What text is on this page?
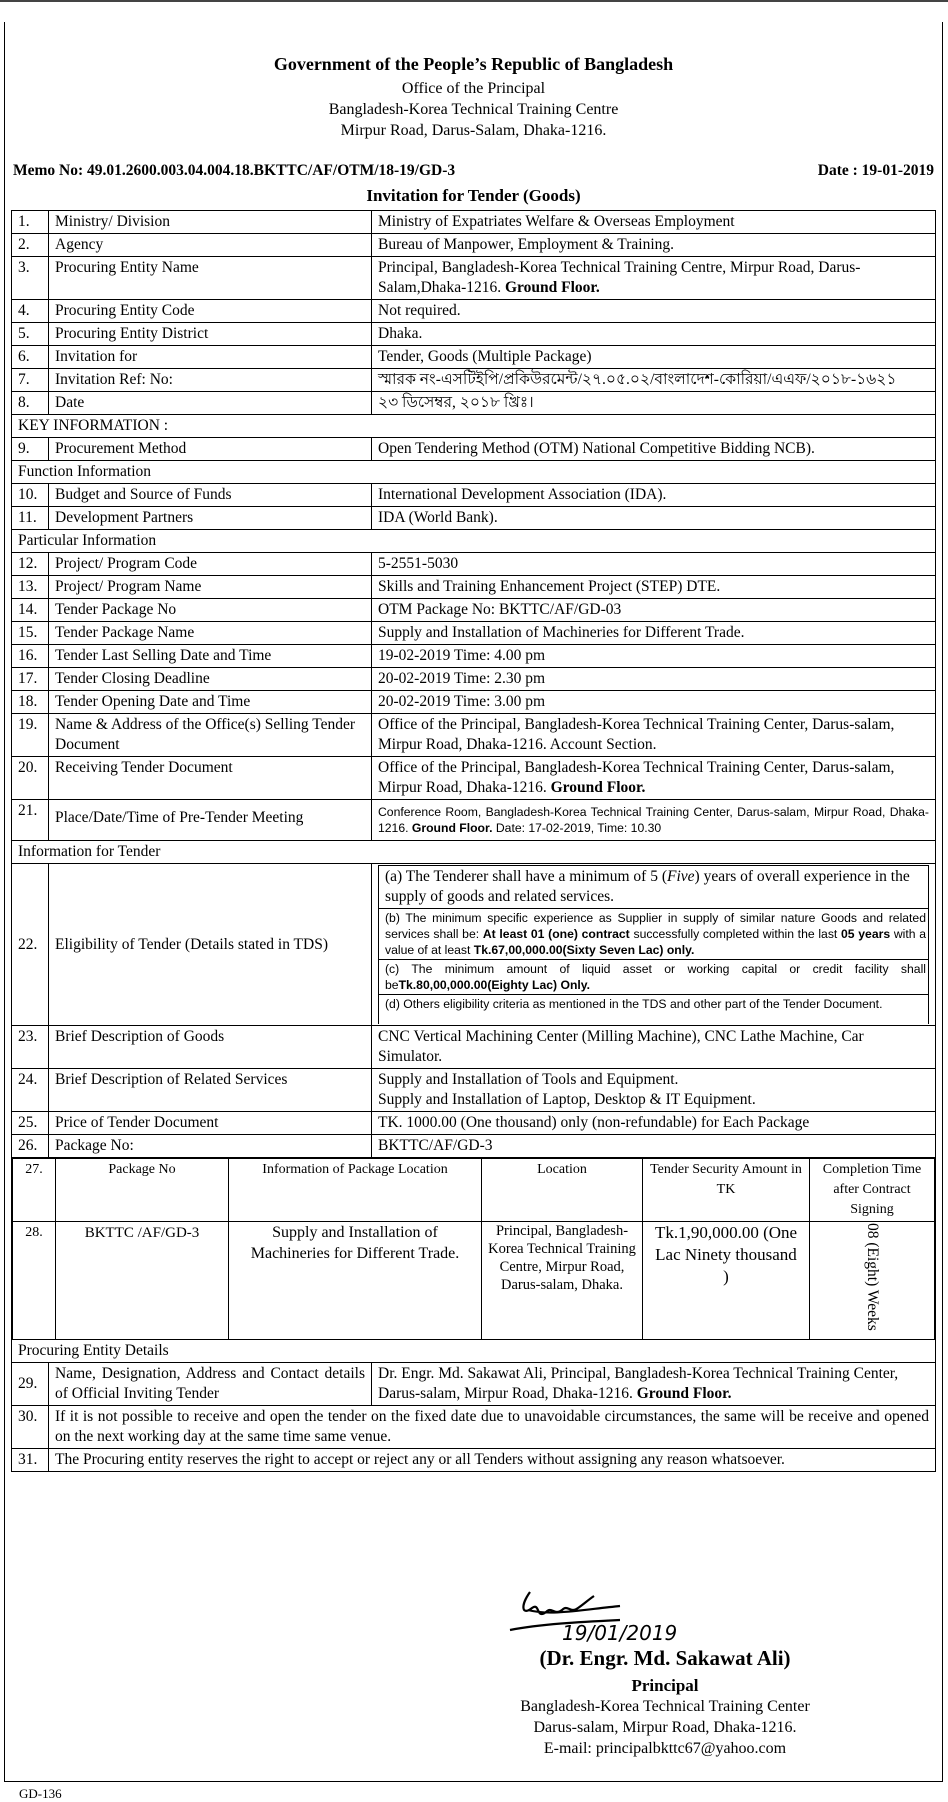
Government of the People’s Republic of Bangladesh
Office of the Principal
Bangladesh-Korea Technical Training Centre
Mirpur Road, Darus-Salam, Dhaka-1216.
Memo No: 49.01.2600.003.04.004.18.BKTTC/AF/OTM/18-19/GD-3	Date : 19-01-2019
Invitation for Tender (Goods)
1.	Ministry/ Division	Ministry of Expatriates Welfare & Overseas Employment
2.	Agency	Bureau of Manpower, Employment & Training.
3.	Procuring Entity Name	Principal, Bangladesh-Korea Technical Training Centre, Mirpur Road, Darus-Salam,Dhaka-1216. Ground Floor.
4.	Procuring Entity Code	Not required.
5.	Procuring Entity District	Dhaka.
6.	Invitation for	Tender, Goods (Multiple Package)
7.	Invitation Ref: No:	স্মারক নং-এসটিইপি/প্রকিউরমেন্ট/২৭.০৫.০২/বাংলাদেশ-কোরিয়া/এএফ/২০১৮-১৬২১
8.	Date	২৩ ডিসেম্বর, ২০১৮ খ্রিঃ।
KEY INFORMATION :
9.	Procurement Method	Open Tendering Method (OTM) National Competitive Bidding NCB).
Function Information
10.	Budget and Source of Funds	International Development Association (IDA).
11.	Development Partners	IDA (World Bank).
Particular Information
12.	Project/ Program Code	5-2551-5030
13.	Project/ Program Name	Skills and Training Enhancement Project (STEP) DTE.
14.	Tender Package No	OTM Package No: BKTTC/AF/GD-03
15.	Tender Package Name	Supply and Installation of Machineries for Different Trade.
16.	Tender Last Selling Date and Time	19-02-2019 Time: 4.00 pm
17.	Tender Closing Deadline	20-02-2019 Time: 2.30 pm
18.	Tender Opening Date and Time	20-02-2019 Time: 3.00 pm
19.	Name & Address of the Office(s) Selling Tender Document	Office of the Principal, Bangladesh-Korea Technical Training Center, Darus-salam, Mirpur Road, Dhaka-1216. Account Section.
20.	Receiving Tender Document	Office of the Principal, Bangladesh-Korea Technical Training Center, Darus-salam, Mirpur Road, Dhaka-1216. Ground Floor.
21.	Place/Date/Time of Pre-Tender Meeting	Conference Room, Bangladesh-Korea Technical Training Center, Darus-salam, Mirpur Road, Dhaka-1216. Ground Floor. Date: 17-02-2019, Time: 10.30
Information for Tender
22.	Eligibility of Tender (Details stated in TDS)	
(a) The Tenderer shall have a minimum of 5 (Five) years of overall experience in the supply of goods and related services.
(b) The minimum specific experience as Supplier in supply of similar nature Goods and related services shall be: At least 01 (one) contract successfully completed within the last 05 years with a value of at least Tk.67,00,000.00(Sixty Seven Lac) only.
(c) The minimum amount of liquid asset or working capital or credit facility shall beTk.80,00,000.00(Eighty Lac) Only.
(d) Others eligibility criteria as mentioned in the TDS and other part of the Tender Document.

23.	Brief Description of Goods	CNC Vertical Machining Center (Milling Machine), CNC Lathe Machine, Car Simulator.
24.	Brief Description of Related Services	Supply and Installation of Tools and Equipment.
Supply and Installation of Laptop, Desktop & IT Equipment.

25.	Price of Tender Document	TK. 1000.00 (One thousand) only (non-refundable) for Each Package
26.	Package No:	BKTTC/AF/GD-3

27.	Package No	Information of Package Location	Location	Tender Security Amount in TK	Completion Time after Contract Signing
28.	BKTTC /AF/GD-3	Supply and Installation of Machineries for Different Trade.	Principal, Bangladesh-Korea Technical Training Centre, Mirpur Road, Darus-salam, Dhaka.	Tk.1,90,000.00 (One Lac Ninety thousand )	08 (Eight) Weeks

Procuring Entity Details
29.	Name, Designation, Address and Contact details of Official Inviting Tender	Dr. Engr. Md. Sakawat Ali, Principal, Bangladesh-Korea Technical Training Center, Darus-salam, Mirpur Road, Dhaka-1216. Ground Floor.
30.	If it is not possible to receive and open the tender on the fixed date due to unavoidable circumstances, the same will be receive and opened on the next working day at the same time same venue.
31.	The Procuring entity reserves the right to accept or reject any or all Tenders without assigning any reason whatsoever.
19/01/2019
(Dr. Engr. Md. Sakawat Ali)
Principal
Bangladesh-Korea Technical Training Center
Darus-salam, Mirpur Road, Dhaka-1216.
E-mail: principalbkttc67@yahoo.com
GD-136
